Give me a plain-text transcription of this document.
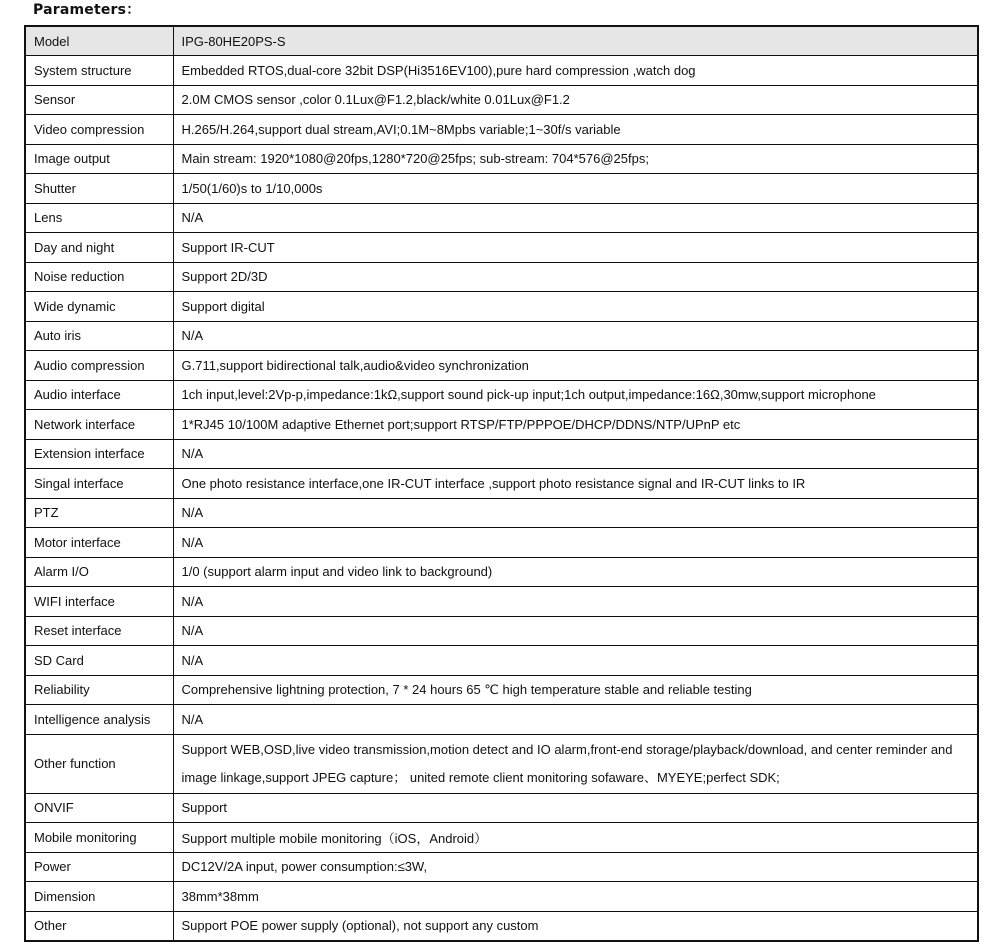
Parameters：
Model	IPG-80HE20PS-S
System structure	Embedded RTOS,dual-core 32bit DSP(Hi3516EV100),pure hard compression ,watch dog
Sensor	2.0M CMOS sensor ,color 0.1Lux@F1.2,black/white 0.01Lux@F1.2
Video compression	H.265/H.264,support dual stream,AVI;0.1M~8Mpbs variable;1~30f/s variable
Image output	Main stream: 1920*1080@20fps,1280*720@25fps; sub-stream: 704*576@25fps;
Shutter	1/50(1/60)s to 1/10,000s
Lens	N/A
Day and night	Support IR-CUT
Noise reduction	Support 2D/3D
Wide dynamic	Support digital
Auto iris	N/A
Audio compression	G.711,support bidirectional talk,audio&video synchronization
Audio interface	1ch input,level:2Vp-p,impedance:1kΩ,support sound pick-up input;1ch output,impedance:16Ω,30mw,support microphone
Network interface	1*RJ45 10/100M adaptive Ethernet port;support RTSP/FTP/PPPOE/DHCP/DDNS/NTP/UPnP etc
Extension interface	N/A
Singal interface	One photo resistance interface,one IR-CUT interface ,support photo resistance signal and IR-CUT links to IR
PTZ	N/A
Motor interface	N/A
Alarm I/O	1/0 (support alarm input and video link to background)
WIFI interface	N/A
Reset interface	N/A
SD Card	N/A
Reliability	Comprehensive lightning protection, 7 * 24 hours 65 ℃ high temperature stable and reliable testing
Intelligence analysis	N/A
Other function	Support WEB,OSD,live video transmission,motion detect and IO alarm,front-end storage/playback/download, and center reminder and image linkage,support JPEG capture； united remote client monitoring sofaware、MYEYE;perfect SDK;
ONVIF	Support
Mobile monitoring	Support multiple mobile monitoring（iOS，Android）
Power	DC12V/2A input, power consumption:≤3W,
Dimension	38mm*38mm
Other	Support POE power supply (optional), not support any custom
